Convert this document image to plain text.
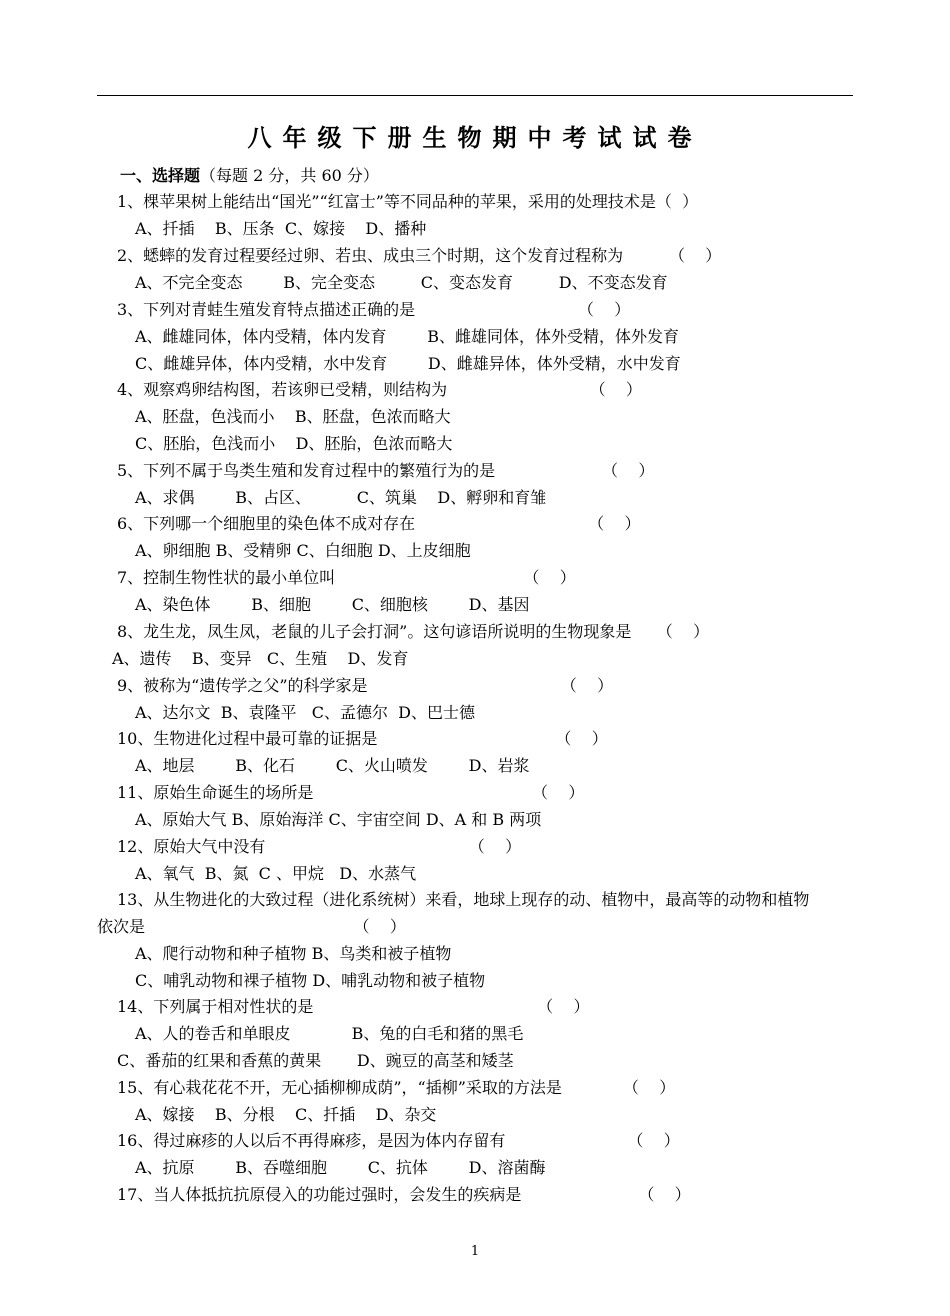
八年级下册生物期中考试试卷
一、选择题（每题 2 分，共 60 分）
1、棵苹果树上能结出“国光”“红富士”等不同品种的苹果，采用的处理技术是（  ）
A、扦插    B、压条  C、嫁接    D、播种
2、蟋蟀的发育过程要经过卵、若虫、成虫三个时期，这个发育过程称为         （    ）
A、不完全变态        B、完全变态         C、变态发育         D、不变态发育
3、下列对青蛙生殖发育特点描述正确的是                                （    ）
A、雌雄同体，体内受精，体内发育        B、雌雄同体，体外受精，体外发育
C、雌雄异体，体内受精，水中发育        D、雌雄异体，体外受精，水中发育
4、观察鸡卵结构图，若该卵已受精，则结构为                            （    ）
A、胚盘，色浅而小    B、胚盘，色浓而略大
C、胚胎，色浅而小    D、胚胎，色浓而略大
5、下列不属于鸟类生殖和发育过程中的繁殖行为的是                     （    ）
A、求偶        B、占区、         C、筑巢    D、孵卵和育雏
6、下列哪一个细胞里的染色体不成对存在                                  （    ）
A、卵细胞 B、受精卵 C、白细胞 D、上皮细胞
7、控制生物性状的最小单位叫                                     （    ）
A、染色体        B、细胞        C、细胞核        D、基因
8、龙生龙，凤生凤，老鼠的儿子会打洞”。这句谚语所说明的生物现象是     （    ）
A、遗传    B、变异   C、生殖    D、发育
9、被称为“遗传学之父”的科学家是                                      （    ）
A、达尔文  B、袁隆平   C、孟德尔  D、巴士德
10、生物进化过程中最可靠的证据是                                   （    ）
A、地层        B、化石        C、火山喷发        D、岩浆
11、原始生命诞生的场所是                                           （    ）
A、原始大气 B、原始海洋 C、宇宙空间 D、A 和 B 两项
12、原始大气中没有                                        （    ）
A、氧气  B、氮  C 、甲烷   D、水蒸气
13、从生物进化的大致过程（进化系统树）来看，地球上现存的动、植物中，最高等的动物和植物
依次是                                         （    ）
A、爬行动物和种子植物 B、鸟类和被子植物
C、哺乳动物和裸子植物 D、哺乳动物和被子植物
14、下列属于相对性状的是                                            （    ）
A、人的卷舌和单眼皮            B、兔的白毛和猪的黑毛
C、番茄的红果和香蕉的黄果       D、豌豆的高茎和矮茎
15、有心栽花花不开，无心插柳柳成荫”，“插柳”采取的方法是            （    ）
A、嫁接    B、分根    C、扦插    D、杂交
16、得过麻疹的人以后不再得麻疹，是因为体内存留有                        （    ）
A、抗原        B、吞噬细胞        C、抗体        D、溶菌酶
17、当人体抵抗抗原侵入的功能过强时，会发生的疾病是                       （    ）
1
